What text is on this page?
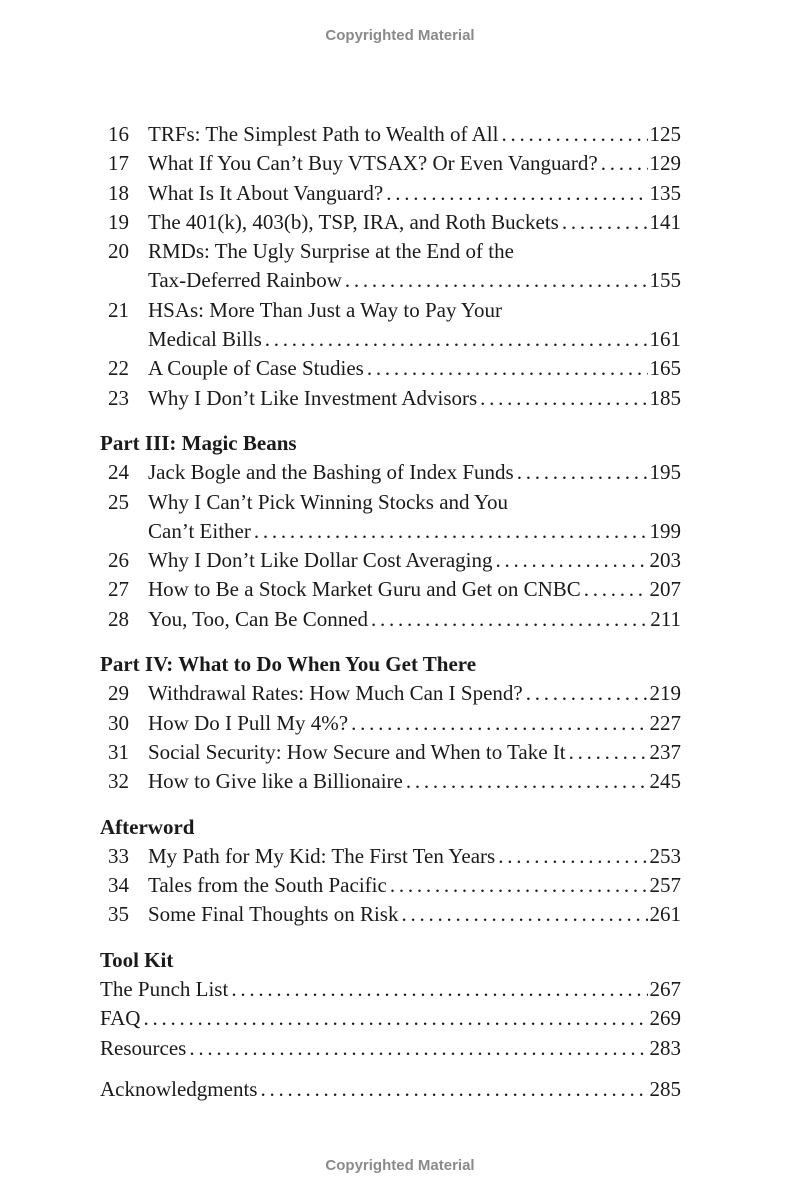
Copyrighted Material
16 TRFs: The Simplest Path to Wealth of All . . .	125
17 What If You Can’t Buy VTSAX? Or Even Vanguard? . . . 129
18 What Is It About Vanguard? . . .	135
19 The 401(k), 403(b), TSP, IRA, and Roth Buckets . . .	141
20 RMDs: The Ugly Surprise at the End of the
Tax-Deferred Rainbow . . .	155
21 HSAs: More Than Just a Way to Pay Your
Medical Bills . . .	161
22 A Couple of Case Studies . . .	165
23 Why I Don’t Like Investment Advisors . . .	185
Part III: Magic Beans
24 Jack Bogle and the Bashing of Index Funds . . .	195
25 Why I Can’t Pick Winning Stocks and You
Can’t Either . . .	199
26 Why I Don’t Like Dollar Cost Averaging . . .	203
27 How to Be a Stock Market Guru and Get on CNBC . . .	207
28 You, Too, Can Be Conned . . .	211
Part IV: What to Do When You Get There
29 Withdrawal Rates: How Much Can I Spend? . . .	219
30 How Do I Pull My 4%? . . .	227
31 Social Security: How Secure and When to Take It . . .	237
32 How to Give like a Billionaire . . .	245
Afterword
33 My Path for My Kid: The First Ten Years . . .	253
34 Tales from the South Pacific . . .	257
35 Some Final Thoughts on Risk . . .	261
Tool Kit
The Punch List . . .	267
FAQ . . .	269
Resources . . .	283
Acknowledgments . . .	285
Copyrighted Material
